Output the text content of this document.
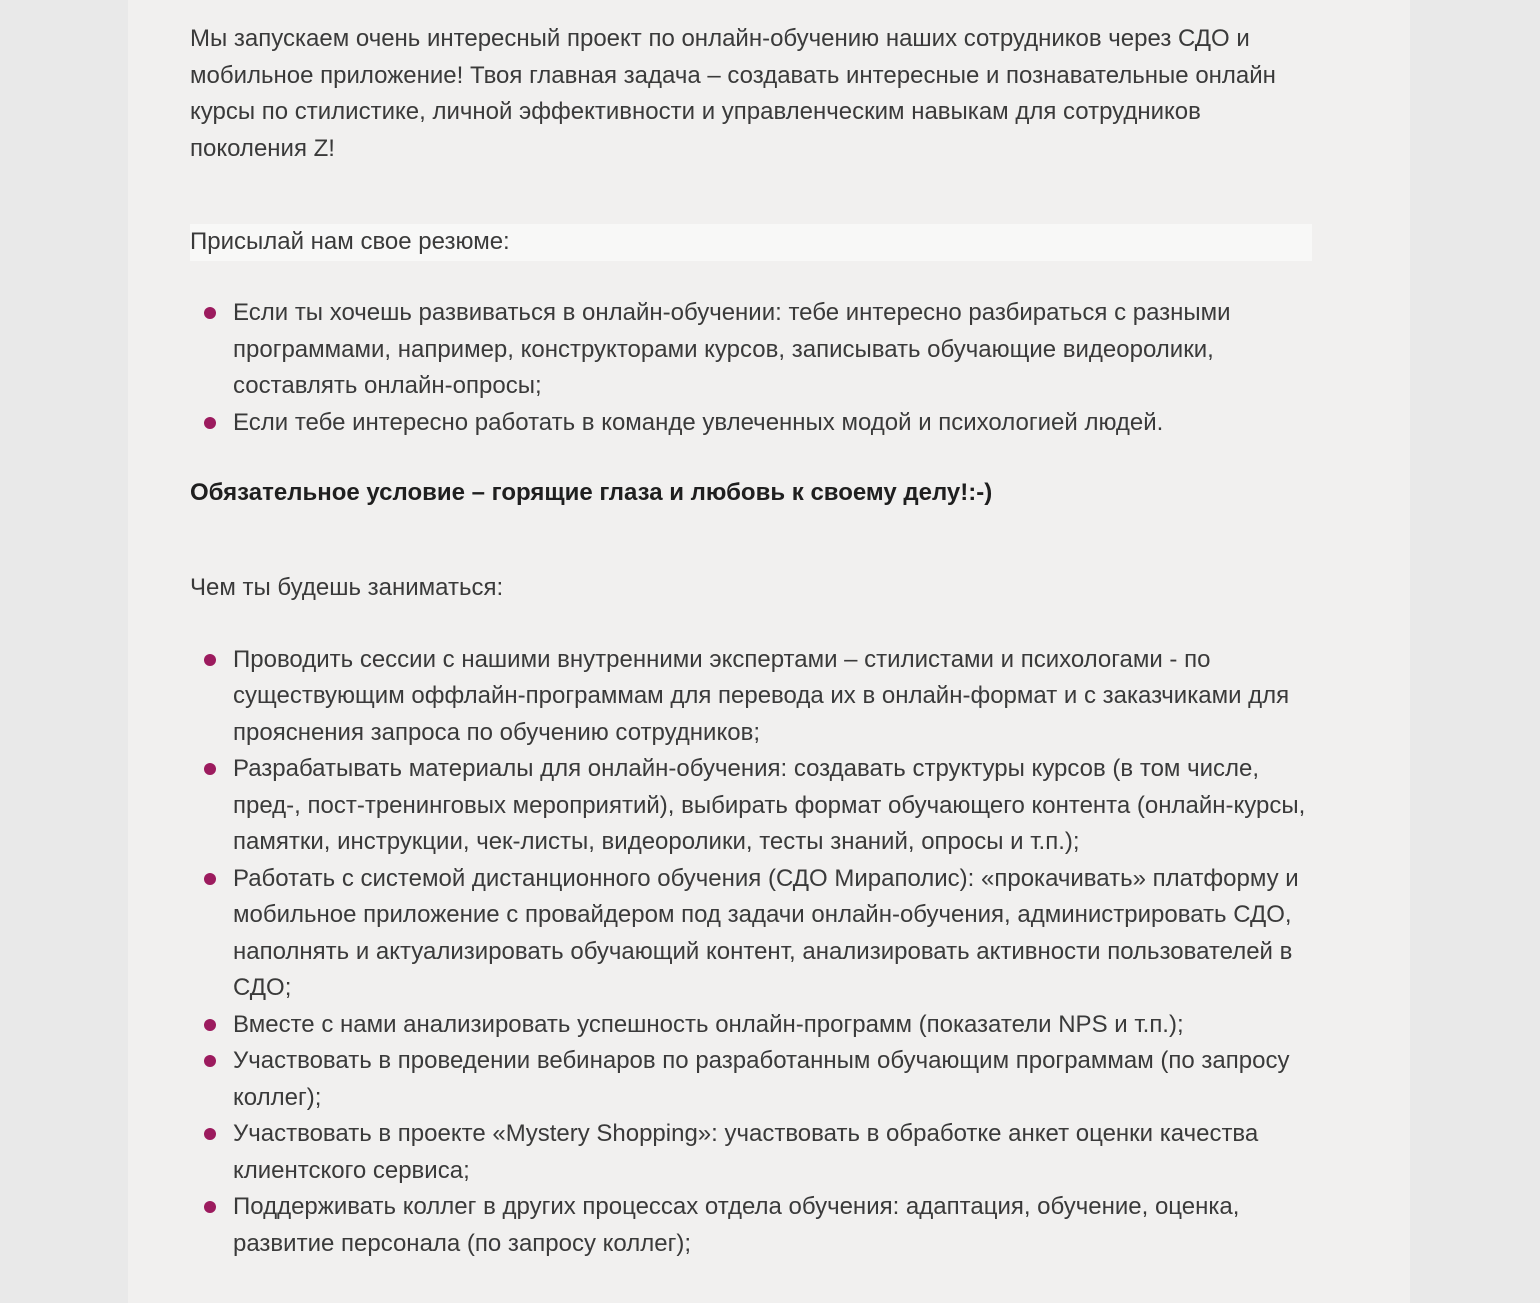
Мы запускаем очень интересный проект по онлайн-обучению наших сотрудников через СДО и мобильное приложение! Твоя главная задача – создавать интересные и познавательные онлайн курсы по стилистике, личной эффективности и управленческим навыкам для сотрудников поколения Z!

Присылай нам свое резюме:

Если ты хочешь развиваться в онлайн-обучении: тебе интересно разбираться с разными программами, например, конструкторами курсов, записывать обучающие видеоролики, составлять онлайн-опросы;
Если тебе интересно работать в команде увлеченных модой и психологией людей.

Обязательное условие – горящие глаза и любовь к своему делу!:-)

Чем ты будешь заниматься:

Проводить сессии с нашими внутренними экспертами – стилистами и психологами - по существующим оффлайн-программам для перевода их в онлайн-формат и с заказчиками для прояснения запроса по обучению сотрудников;
Разрабатывать материалы для онлайн-обучения: создавать структуры курсов (в том числе, пред-, пост-тренинговых мероприятий), выбирать формат обучающего контента (онлайн-курсы, памятки, инструкции, чек-листы, видеоролики, тесты знаний, опросы и т.п.);
Работать с системой дистанционного обучения (СДО Мираполис): «прокачивать» платформу и мобильное приложение с провайдером под задачи онлайн-обучения, администрировать СДО, наполнять и актуализировать обучающий контент, анализировать активности пользователей в СДО;
Вместе с нами анализировать успешность онлайн-программ (показатели NPS и т.п.);
Участвовать в проведении вебинаров по разработанным обучающим программам (по запросу коллег);
Участвовать в проекте «Mystery Shopping»: участвовать в обработке анкет оценки качества клиентского сервиса;
Поддерживать коллег в других процессах отдела обучения: адаптация, обучение, оценка, развитие персонала (по запросу коллег);
